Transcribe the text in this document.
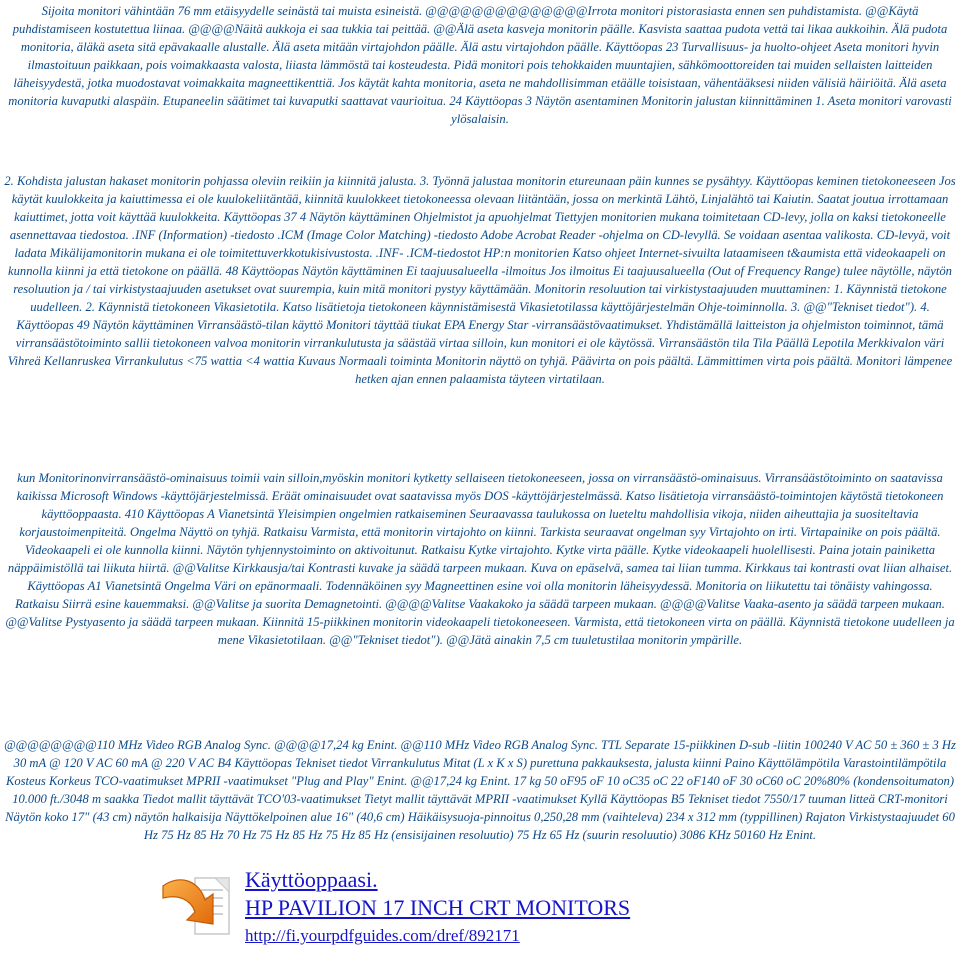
Sijoita monitori vähintään 76 mm etäisyydelle seinästä tai muista esineistä. @@@@@@@@@@@@@@Irrota monitori pistorasiasta ennen sen puhdistamista. @@Käytä puhdistamiseen kostutettua liinaa. @@@@Näitä aukkoja ei saa tukkia tai peittää. @@Älä aseta kasveja monitorin päälle. Kasvista saattaa pudota vettä tai likaa aukkoihin. Älä pudota monitoria, äläkä aseta sitä epävakaalle alustalle. Älä aseta mitään virtajohdon päälle. Älä astu virtajohdon päälle. Käyttöopas 23 Turvallisuus- ja huolto-ohjeet Aseta monitori hyvin ilmastoituun paikkaan, pois voimakkaasta valosta, liiasta lämmöstä tai kosteudesta. Pidä monitori pois tehokkaiden muuntajien, sähkömoottoreiden tai muiden sellaisten laitteiden läheisyydestä, jotka muodostavat voimakkaita magneettikenttiä. Jos käytät kahta monitoria, aseta ne mahdollisimman etäälle toisistaan, vähentääksesi niiden välisiä häiriöitä. Älä aseta monitoria kuvaputki alaspäin. Etupaneelin säätimet tai kuvaputki saattavat vaurioitua. 24 Käyttöopas 3 Näytön asentaminen Monitorin jalustan kiinnittäminen 1. Aseta monitori varovasti ylösalaisin.

2. Kohdista jalustan hakaset monitorin pohjassa oleviin reikiin ja kiinnitä jalusta. 3. Työnnä jalustaa monitorin etureunaan päin kunnes se pysähtyy. Käyttöopas keminen tietokoneeseen Jos käytät kuulokkeita ja kaiuttimessa ei ole kuulokeliitäntää, kiinnitä kuulokkeet tietokoneessa olevaan liitäntään, jossa on merkintä Lähtö, Linjalähtö tai Kaiutin. Saatat joutua irrottamaan kaiuttimet, jotta voit käyttää kuulokkeita. Käyttöopas 37 4 Näytön käyttäminen Ohjelmistot ja apuohjelmat Tiettyjen monitorien mukana toimitetaan CD-levy, jolla on kaksi tietokoneelle asennettavaa tiedostoa. .INF (Information) -tiedosto .ICM (Image Color Matching) -tiedosto Adobe Acrobat Reader -ohjelma on CD-levyllä. Se voidaan asentaa valikosta. CD-levyä, voit ladata Mikälijamonitorin mukana ei ole toimitettuverkkotukisivustosta. .INF- .ICM-tiedostot HP:n monitorien Katso ohjeet Internet-sivuilta lataamiseen t&aumista että videokaapeli on kunnolla kiinni ja että tietokone on päällä. 48 Käyttöopas Näytön käyttäminen Ei taajuusalueella -ilmoitus Jos ilmoitus Ei taajuusalueella (Out of Frequency Range) tulee näytölle, näytön resoluution ja / tai virkistystaajuuden asetukset ovat suurempia, kuin mitä monitori pystyy käyttämään. Monitorin resoluution tai virkistystaajuuden muuttaminen: 1. Käynnistä tietokone uudelleen. 2. Käynnistä tietokoneen Vikasietotila. Katso lisätietoja tietokoneen käynnistämisestä Vikasietotilassa käyttöjärjestelmän Ohje-toiminnolla. 3. @@"Tekniset tiedot"). 4. Käyttöopas 49 Näytön käyttäminen Virransäästö-tilan käyttö Monitori täyttää tiukat EPA Energy Star -virransäästövaatimukset. Yhdistämällä laitteiston ja ohjelmiston toiminnot, tämä virransäästötoiminto sallii tietokoneen valvoa monitorin virrankulutusta ja säästää virtaa silloin, kun monitori ei ole käytössä. Virransäästön tila Tila Päällä Lepotila Merkkivalon väri Vihreä Kellanruskea Virrankulutus <75 wattia <4 wattia Kuvaus Normaali toiminta Monitorin näyttö on tyhjä. Päävirta on pois päältä. Lämmittimen virta pois päältä. Monitori lämpenee hetken ajan ennen palaamista täyteen virtatilaan.

kun Monitorinonvirransäästö-ominaisuus toimii vain silloin,myöskin monitori kytketty sellaiseen tietokoneeseen, jossa on virransäästö-ominaisuus. Virransäästötoiminto on saatavissa kaikissa Microsoft Windows -käyttöjärjestelmissä. Eräät ominaisuudet ovat saatavissa myös DOS -käyttöjärjestelmässä. Katso lisätietoja virransäästö-toimintojen käytöstä tietokoneen käyttöoppaasta. 410 Käyttöopas A Vianetsintä Yleisimpien ongelmien ratkaiseminen Seuraavassa taulukossa on lueteltu mahdollisia vikoja, niiden aiheuttajia ja suositeltavia korjaustoimenpiteitä. Ongelma Näyttö on tyhjä. Ratkaisu Varmista, että monitorin virtajohto on kiinni. Tarkista seuraavat ongelman syy Virtajohto on irti. Virtapainike on pois päältä. Videokaapeli ei ole kunnolla kiinni. Näytön tyhjennystoiminto on aktivoitunut. Ratkaisu Kytke virtajohto. Kytke virta päälle. Kytke videokaapeli huolellisesti. Paina jotain painiketta näppäimistöllä tai liikuta hiirtä. @@Valitse Kirkkausja/tai Kontrasti kuvake ja säädä tarpeen mukaan. Kuva on epäselvä, samea tai liian tumma. Kirkkaus tai kontrasti ovat liian alhaiset. Käyttöopas A1 Vianetsintä Ongelma Väri on epänormaali. Todennäköinen syy Magneettinen esine voi olla monitorin läheisyydessä. Monitoria on liikutettu tai tönäisty vahingossa. Ratkaisu Siirrä esine kauemmaksi. @@Valitse ja suorita Demagnetointi. @@@@Valitse Vaakakoko ja säädä tarpeen mukaan. @@@@Valitse Vaaka-asento ja säädä tarpeen mukaan. @@Valitse Pystyasento ja säädä tarpeen mukaan. Kiinnitä 15-piikkinen monitorin videokaapeli tietokoneeseen. Varmista, että tietokoneen virta on päällä. Käynnistä tietokone uudelleen ja mene Vikasietotilaan. @@"Tekniset tiedot"). @@Jätä ainakin 7,5 cm tuuletustilaa monitorin ympärille.

@@@@@@@@110 MHz Video RGB Analog Sync. @@@@17,24 kg Enint. @@110 MHz Video RGB Analog Sync. TTL Separate 15-piikkinen D-sub -liitin 100240 V AC 50 ± 360 ± 3 Hz 30 mA @ 120 V AC 60 mA @ 220 V AC B4 Käyttöopas Tekniset tiedot Virrankulutus Mitat (L x K x S) purettuna pakkauksesta, jalusta kiinni Paino Käyttölämpötila Varastointilämpötila Kosteus Korkeus TCO-vaatimukset MPRII -vaatimukset "Plug and Play" Enint. @@17,24 kg Enint. 17 kg 50 oF95 oF 10 oC35 oC 22 oF140 oF 30 oC60 oC 20%80% (kondensoitumaton) 10.000 ft./3048 m saakka Tiedot mallit täyttävät TCO'03-vaatimukset Tietyt mallit täyttävät MPRII -vaatimukset Kyllä Käyttöopas B5 Tekniset tiedot 7550/17 tuuman litteä CRT-monitori Näytön koko 17" (43 cm) näytön halkaisija Näyttökelpoinen alue 16" (40,6 cm) Häikäisysuoja-pinnoitus 0,250,28 mm (vaihteleva) 234 x 312 mm (typpillinen) Rajaton Virkistystaajuudet 60 Hz 75 Hz 85 Hz 70 Hz 75 Hz 85 Hz 75 Hz 85 Hz (ensisijainen resoluutio) 75 Hz 65 Hz (suurin resoluutio) 3086 KHz 50160 Hz Enint.

Käyttöoppaasi.
HP PAVILION 17 INCH CRT MONITORS
http://fi.yourpdfguides.com/dref/892171
